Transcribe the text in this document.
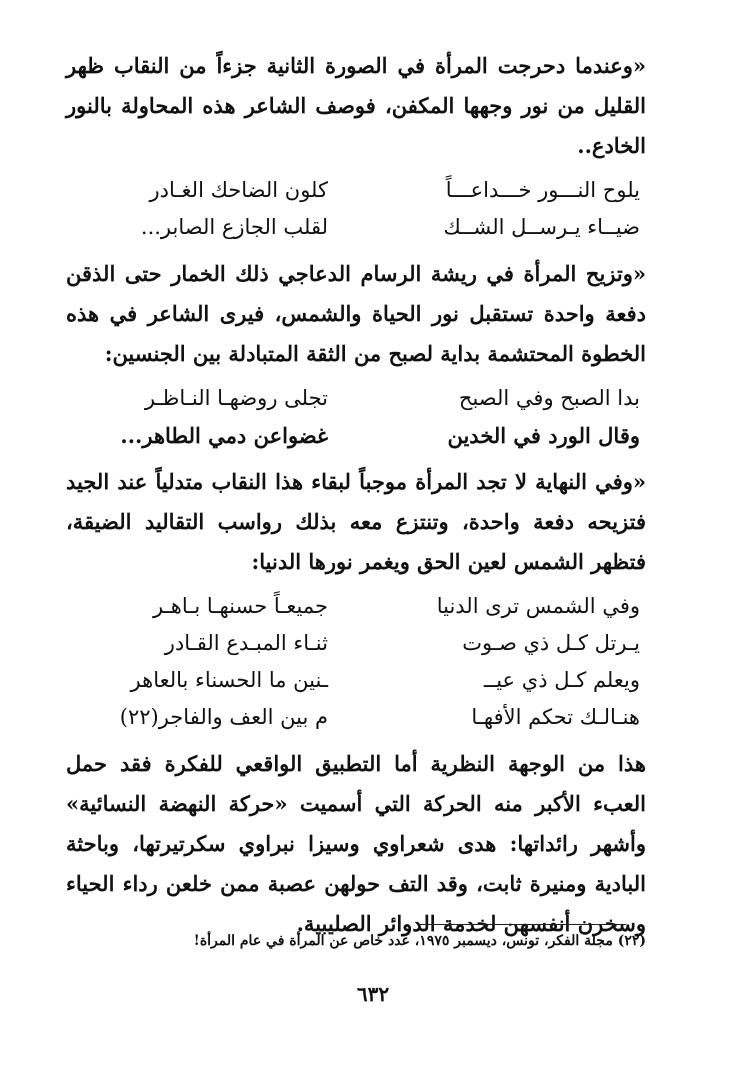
«وعندما دحرجت المرأة في الصورة الثانية جزءاً من النقاب ظهر القليل من نور وجهها المكفن، فوصف الشاعر هذه المحاولة بالنور الخادع..

يلوح النـــور خـــداعـــاً
كلون الضاحك الغـادر
ضيــاء يـرســل الشــك
لقلب الجازع الصابر...

«وتزيح المرأة في ريشة الرسام الدعاجي ذلك الخمار حتى الذقن دفعة واحدة تستقبل نور الحياة والشمس، فيرى الشاعر في هذه الخطوة المحتشمة بداية لصبح من الثقة المتبادلة بين الجنسين:

بدا الصبح وفي الصبح
تجلى روضهـا النـاظـر
وقال الورد في الخدين
غضواعن دمي الطاهر...

«وفي النهاية لا تجد المرأة موجباً لبقاء هذا النقاب متدلياً عند الجيد فتزيحه دفعة واحدة، وتنتزع معه بذلك رواسب التقاليد الضيقة، فتظهر الشمس لعين الحق ويغمر نورها الدنيا:

وفي الشمس ترى الدنيا
جميعـاً حسنهـا بـاهـر
يـرتل كـل ذي صـوت
ثنـاء المبـدع القـادر
ويعلم كـل ذي عيــ
ـنين ما الحسناء بالعاهر
هنـالـك تحكم الأفهـا
م بين العف والفاجر(٢٢)

هذا من الوجهة النظرية أما التطبيق الواقعي للفكرة فقد حمل العبء الأكبر منه الحركة التي أسميت «حركة النهضة النسائية» وأشهر رائداتها: هدى شعراوي وسيزا نبراوي سكرتيرتها، وباحثة البادية ومنيرة ثابت، وقد التف حولهن عصبة ممن خلعن رداء الحياء وسخرن أنفسهن لخدمة الدوائر الصليبية.

(٢٢) مجلة الفكر، تونس، ديسمبر ١٩٧٥، عدد خاص عن المرأة في عام المرأة!
٦٣٢
